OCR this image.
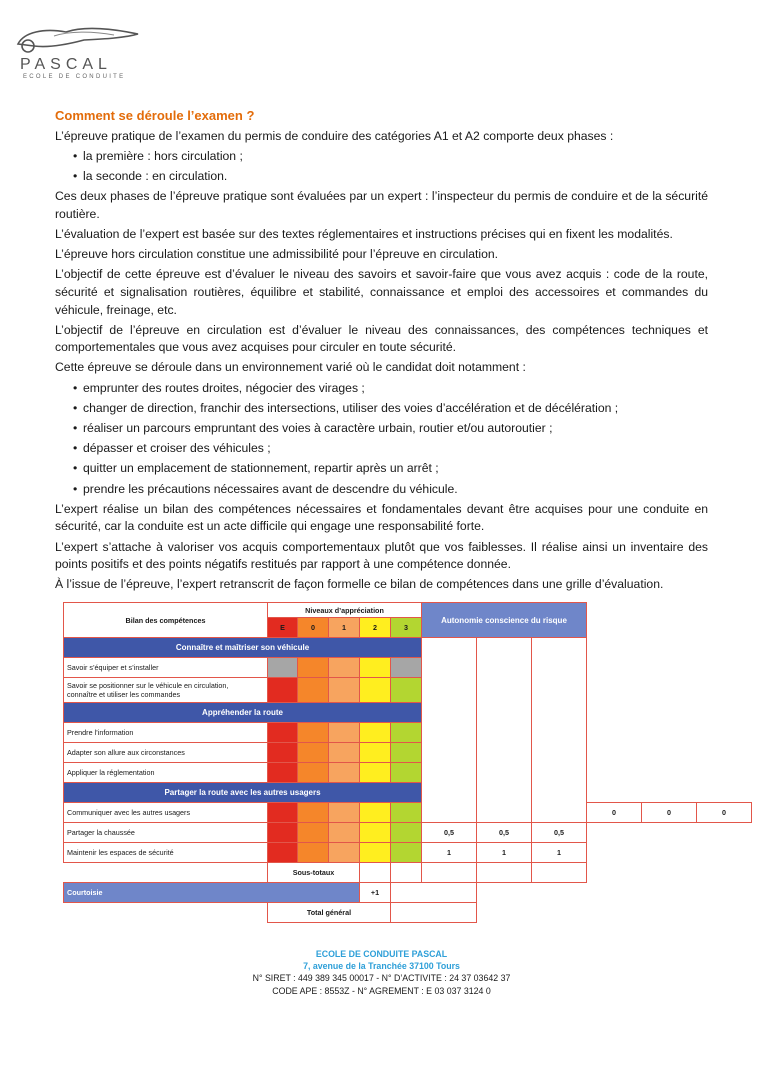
PASCAL
ECOLE DE CONDUITE
Comment se déroule l’examen ?

L’épreuve pratique de l’examen du permis de conduire des catégories A1 et A2 comporte deux phases :

• la première : hors circulation ;
• la seconde : en circulation.

Ces deux phases de l’épreuve pratique sont évaluées par un expert : l’inspecteur du permis de conduire et de la sécurité routière.

L’évaluation de l’expert est basée sur des textes réglementaires et instructions précises qui en fixent les modalités.

L’épreuve hors circulation constitue une admissibilité pour l’épreuve en circulation.

L’objectif de cette épreuve est d’évaluer le niveau des savoirs et savoir-faire que vous avez acquis : code de la route, sécurité et signalisation routières, équilibre et stabilité, connaissance et emploi des accessoires et commandes du véhicule, freinage, etc.

L’objectif de l’épreuve en circulation est d’évaluer le niveau des connaissances, des compétences techniques et comportementales que vous avez acquises pour circuler en toute sécurité.

Cette épreuve se déroule dans un environnement varié où le candidat doit notamment :

• emprunter des routes droites, négocier des virages ;
• changer de direction, franchir des intersections, utiliser des voies d’accélération et de décélération ;
• réaliser un parcours empruntant des voies à caractère urbain, routier et/ou autoroutier ;
• dépasser et croiser des véhicules ;
• quitter un emplacement de stationnement, repartir après un arrêt ;
• prendre les précautions nécessaires avant de descendre du véhicule.

L’expert réalise un bilan des compétences nécessaires et fondamentales devant être acquises pour une conduite en sécurité, car la conduite est un acte difficile qui engage une responsabilité forte.

L’expert s’attache à valoriser vos acquis comportementaux plutôt que vos faiblesses. Il réalise ainsi un inventaire des points positifs et des points négatifs restitués par rapport à une compétence donnée.

À l’issue de l’épreuve, l’expert retranscrit de façon formelle ce bilan de compétences dans une grille d’évaluation.

Bilan des compétences	Niveaux d’appréciation					Autonomie conscience du risque					
	E	0	1	2	3						
Connaître et maîtriser son véhicule											
Savoir s’équiper et s’installer											
Savoir se positionner sur le véhicule en circulation,
connaître et utiliser les commandes											
Appréhender la route											
Prendre l’information											
Adapter son allure aux circonstances											
Appliquer la réglementation											
Partager la route avec les autres usagers											
Communiquer avec les autres usagers									0	0	0
Partager la chaussée						0,5	0,5	0,5			
Maintenir les espaces de sécurité						1	1	1			
	Sous-totaux										
Courtoisie				+1							
	Total général										
ECOLE DE CONDUITE PASCAL
7, avenue de la Tranchée 37100 Tours
N° SIRET : 449 389 345 00017 - N° D’ACTIVITE : 24 37 03642 37
CODE APE : 8553Z - N° AGREMENT : E 03 037 3124 0
